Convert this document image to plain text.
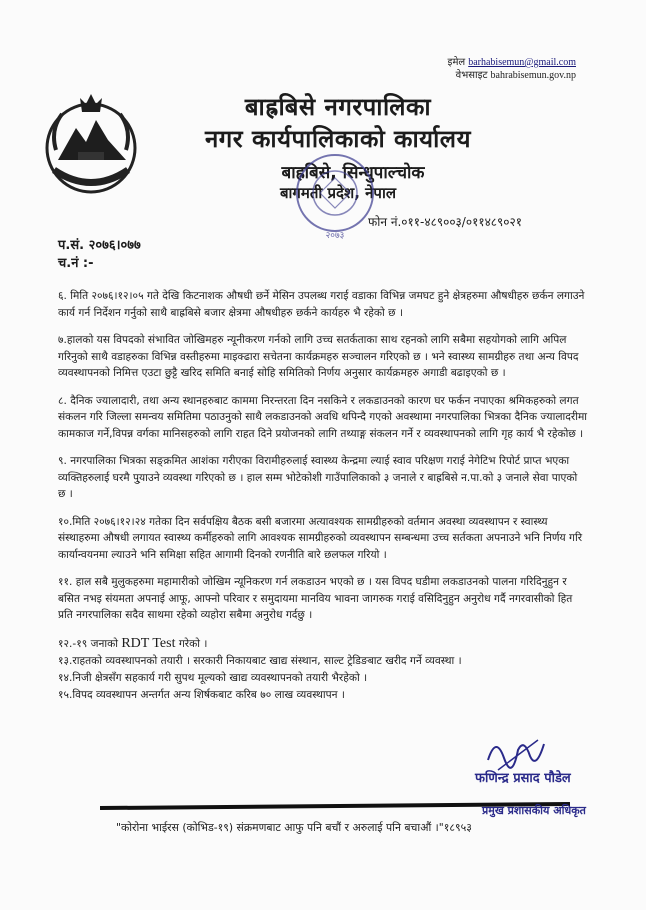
इमेल barhabisemun@gmail.com
वेभसाइट bahrabisemun.gov.np
बाह्रबिसे नगरपालिका
नगर कार्यपालिकाको कार्यालय
बाह्रबिसे, सिन्धुपाल्चोक
बागमती प्रदेश, नेपाल
२०७३
फोन नं.०११-४८९००३/०११४८९०२१
प.सं. २०७६।०७७
च.नं :-

६. मिति २०७६।१२।०५ गते देखि किटनाशक औषधी छर्ने मेसिन उपलब्ध गराई वडाका विभिन्न जमघट हुने क्षेत्रहरुमा औषधीहरु छर्कन लगाउने कार्य गर्न निर्देशन गर्नुको साथै बाह्रबिसे बजार क्षेत्रमा औषधीहरु छर्कने कार्यहरु भै रहेको छ ।

७.हालको यस विपदको संभावित जोखिमहरु न्यूनीकरण गर्नको लागि उच्च सतर्कताका साथ रहनको लागि सबैमा सहयोगको लागि अपिल गरिनुको साथै वडाहरुका विभिन्न वस्तीहरुमा माइक्ढारा सचेतना कार्यक्रमहरु सञ्चालन गरिएको छ । भने स्वास्थ्य सामग्रीहरु तथा अन्य विपद व्यवस्थापनको निमित्त एउटा छुट्टै खरिद समिति बनाई सोहि समितिको निर्णय अनुसार कार्यक्रमहरु अगाडी बढाइएको छ ।

८. दैनिक ज्यालादारी, तथा अन्य स्थानहरुबाट काममा निरन्तरता दिन नसकिने र लकडाउनको कारण घर फर्कन नपाएका श्रमिकहरुको लगत संकलन गरि जिल्ला समन्वय समितिमा पठाउनुको साथै लकडाउनको अवधि थपिन्दै गएको अवस्थामा नगरपालिका भित्रका दैनिक ज्यालादरीमा कामकाज गर्ने,विपन्न वर्गका मानिसहरुको लागि राहत दिने प्रयोजनको लागि तथ्याङ्ग संकलन गर्ने र व्यवस्थापनको लागि गृह कार्य भै रहेकोछ ।

९. नगरपालिका भित्रका सङ्क्रमित आशंका गरीएका विरामीहरुलाई स्वास्थ्य केन्द्रमा ल्याई स्वाव परिक्षण गराई नेगेटिभ रिपोर्ट प्राप्त भएका व्यक्तिहरुलाई घरमै पु्याउने व्यवस्था गरिएको छ । हाल सम्म भोटेकोशी गाउँपालिकाको ३ जनाले र बाह्रबिसे न.पा.को ३ जनाले सेवा पाएको छ ।

१०.मिति २०७६।१२।२४ गतेका दिन सर्वपक्षिय बैठक बसी बजारमा अत्यावश्यक सामग्रीहरुको वर्तमान अवस्था व्यवस्थापन र स्वास्थ्य संस्थाहरुमा औषधी लगायत स्वास्थ्य कर्मीहरुको लागि आवश्यक सामग्रीहरुको व्यवस्थापन सम्बन्धमा उच्च सर्तकता अपनाउने भनि निर्णय गरि कार्यान्वयनमा ल्याउने भनि समिक्षा सहित आगामी दिनको रणनीति बारे छलफल गरियो ।

११. हाल सबै मुलुकहरुमा महामारीको जोखिम न्यूनिकरण गर्न लकडाउन भएको छ । यस विपद घडीमा लकडाउनको पालना गरिदिनुहुन र बसित नभइ संयमता अपनाई आफू, आफ्नो परिवार र समुदायमा मानविय भावना जागरुक गराई वसिदिनुहुन अनुरोध गर्दै नगरवासीको हित प्रति नगरपालिका सदैव साथमा रहेको व्यहोरा सबैमा अनुरोध गर्दछु ।

१२.-१९ जनाको RDT Test गरेको ।

१३.राहतको व्यवस्थापनको तयारी । सरकारी निकायबाट खाद्य संस्थान, साल्ट ट्रेडिङबाट खरीद गर्ने व्यवस्था ।

१४.निजी क्षेत्रसँग सहकार्य गरी सुपथ मूल्यको खाद्य व्यवस्थापनको तयारी भैरहेको ।

१५.विपद व्यवस्थापन अन्तर्गत अन्य शिर्षकबाट करिब ७० लाख व्यवस्थापन ।

फणिन्द्र प्रसाद पौडेल
प्रमुख प्रशासकीय अधिकृत
"कोरोना भाईरस (कोभिड-१९) संक्रमणबाट आफु पनि बचौं र अरुलाई पनि बचाऔं ।"१८९५३
